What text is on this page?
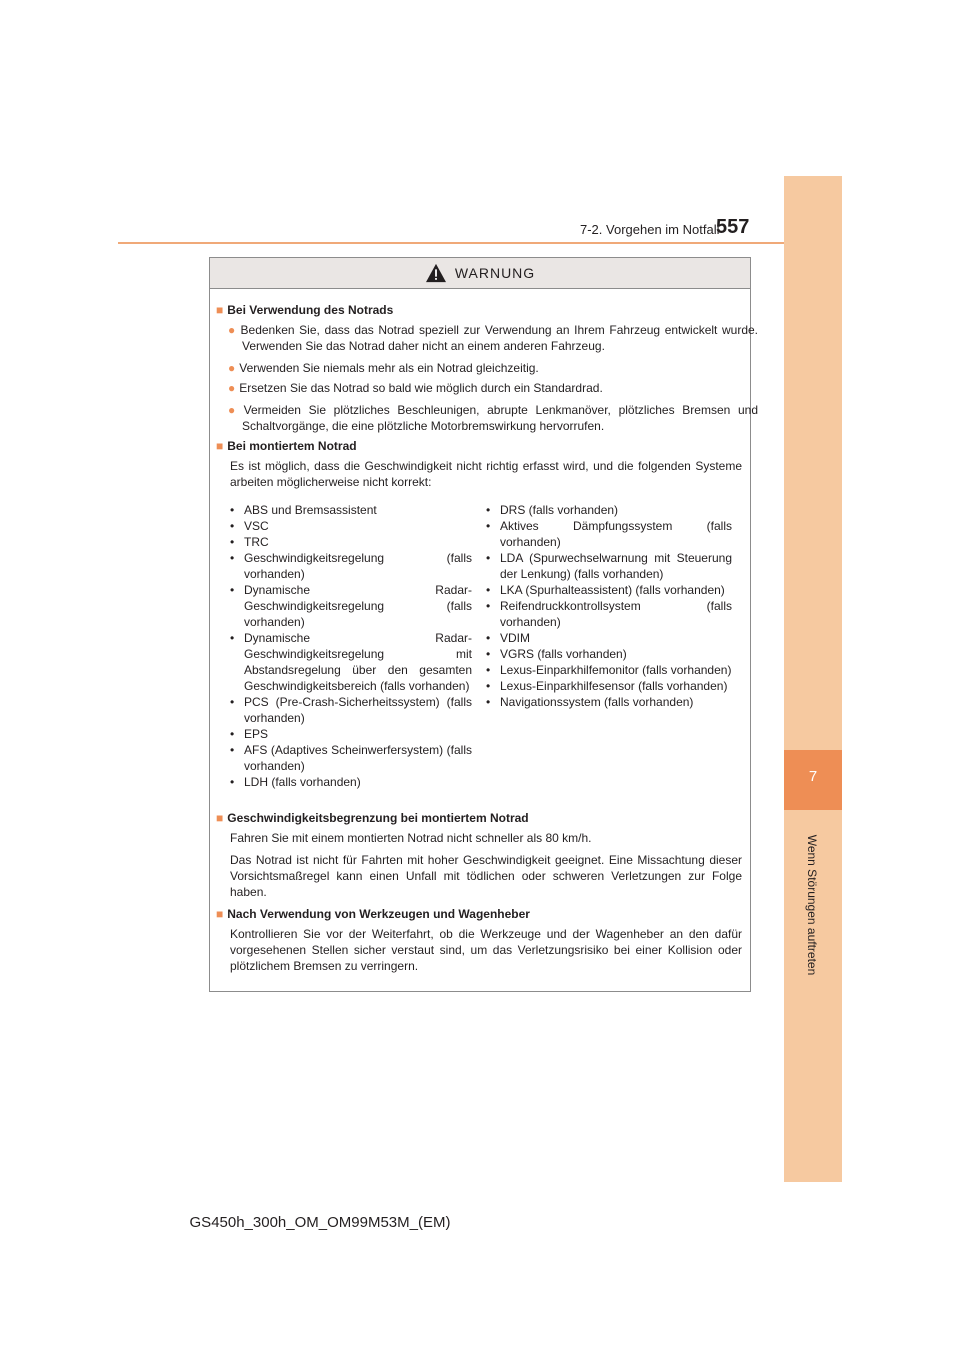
7
Wenn Störungen auftreten
7-2. Vorgehen im Notfall
557
WARNUNG
■ Bei Verwendung des Notrads
● Bedenken Sie, dass das Notrad speziell zur Verwendung an Ihrem Fahrzeug entwickelt wurde. Verwenden Sie das Notrad daher nicht an einem anderen Fahrzeug.
● Verwenden Sie niemals mehr als ein Notrad gleichzeitig.
● Ersetzen Sie das Notrad so bald wie möglich durch ein Standardrad.
● Vermeiden Sie plötzliches Beschleunigen, abrupte Lenkmanöver, plötzliches Bremsen und Schaltvorgänge, die eine plötzliche Motorbremswirkung hervorrufen.
■ Bei montiertem Notrad
Es ist möglich, dass die Geschwindigkeit nicht richtig erfasst wird, und die folgenden Systeme arbeiten möglicherweise nicht korrekt:
• ABS und Bremsassistent
• VSC
• TRC
• Geschwindigkeitsregelung (falls vorhanden)
• Dynamische Radar-Geschwindigkeitsregelung (falls vorhanden)
• Dynamische Radar-Geschwindigkeitsregelung mit Abstandsregelung über den gesamten Geschwindigkeitsbereich (falls vorhanden)
• PCS (Pre-Crash-Sicherheitssystem) (falls vorhanden)
• EPS
• AFS (Adaptives Scheinwerfersystem) (falls vorhanden)
• LDH (falls vorhanden)
• DRS (falls vorhanden)
• Aktives Dämpfungssystem (falls vorhanden)
• LDA (Spurwechselwarnung mit Steuerung der Lenkung) (falls vorhanden)
• LKA (Spurhalteassistent) (falls vorhanden)
• Reifendruckkontrollsystem (falls vorhanden)
• VDIM
• VGRS (falls vorhanden)
• Lexus-Einparkhilfemonitor (falls vorhanden)
• Lexus-Einparkhilfesensor (falls vorhanden)
• Navigationssystem (falls vorhanden)
■ Geschwindigkeitsbegrenzung bei montiertem Notrad
Fahren Sie mit einem montierten Notrad nicht schneller als 80 km/h.
Das Notrad ist nicht für Fahrten mit hoher Geschwindigkeit geeignet. Eine Missachtung dieser Vorsichtsmaßregel kann einen Unfall mit tödlichen oder schweren Verletzungen zur Folge haben.
■ Nach Verwendung von Werkzeugen und Wagenheber
Kontrollieren Sie vor der Weiterfahrt, ob die Werkzeuge und der Wagenheber an den dafür vorgesehenen Stellen sicher verstaut sind, um das Verletzungsrisiko bei einer Kollision oder plötzlichem Bremsen zu verringern.
GS450h_300h_OM_OM99M53M_(EM)
